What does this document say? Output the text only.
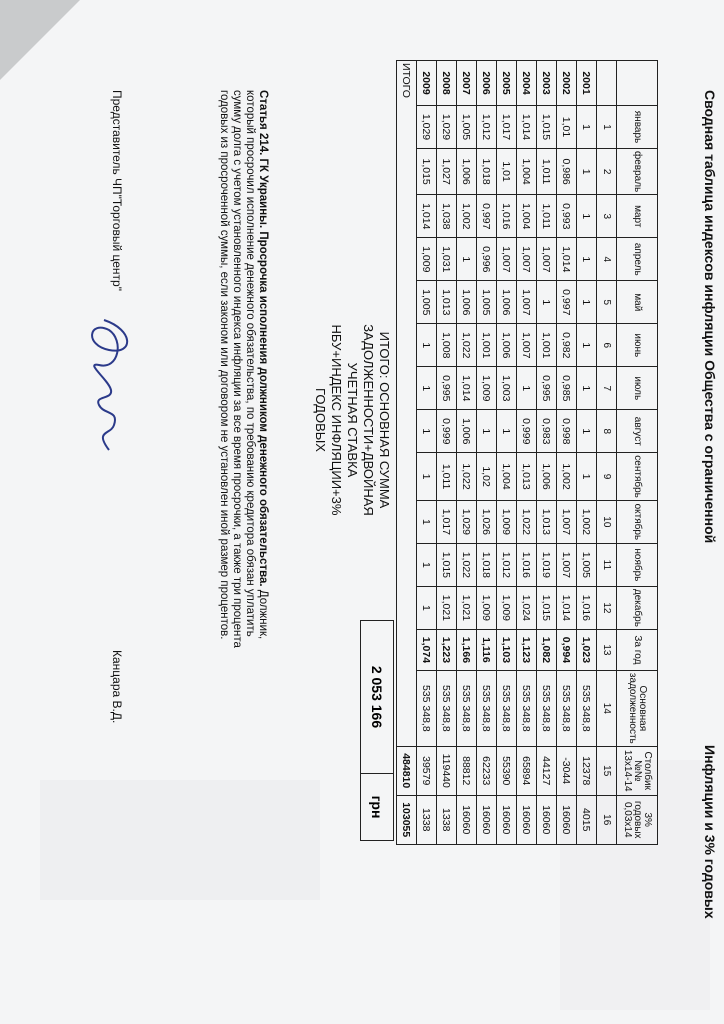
Сводная таблица индексов инфляции Общества с ограниченной
Инфляции и 3% годовых
	январь	февраль	март	апрель	май	июнь	июль	август	сентябрь	октябрь	ноябрь	декабрь	За год	Основная задолженность	Столбик №№ 13х14-14	3% годовых 0,03x14
	1	2	3	4	5	6	7	8	9	10	11	12	13	14	15	16
2001	1	1	1	1	1	1	1	1	1	1,002	1,005	1,016	1,023	535 348,8	12378	4015
2002	1,01	0,986	0,993	1,014	0,997	0,982	0,985	0,998	1,002	1,007	1,007	1,014	0,994	535 348,8	-3044	16060
2003	1,015	1,011	1,011	1,007	1	1,001	0,995	0,983	1,006	1,013	1,019	1,015	1,082	535 348,8	44127	16060
2004	1,014	1,004	1,004	1,007	1,007	1,007	1	0,999	1,013	1,022	1,016	1,024	1,123	535 348,8	65894	16060
2005	1,017	1,01	1,016	1,007	1,006	1,006	1,003	1	1,004	1,009	1,012	1,009	1,103	535 348,8	55390	16060
2006	1,012	1,018	0,997	0,996	1,005	1,001	1,009	1	1,02	1,026	1,018	1,009	1,116	535 348,8	62233	16060
2007	1,005	1,006	1,002	1	1,006	1,022	1,014	1,006	1,022	1,029	1,022	1,021	1,166	535 348,8	88812	16060
2008	1,029	1,027	1,038	1,031	1,013	1,008	0,995	0,999	1,011	1,017	1,015	1,021	1,223	535 348,8	119440	1338
2009	1,029	1,015	1,014	1,009	1,005	1	1	1	1	1	1	1	1,074	535 348,8	39579	1338
ИТОГО															484810	103055
ИТОГО: ОСНОВНАЯ СУММА ЗАДОЛЖЕННОСТИ+ДВОЙНАЯ УЧЕТНАЯ СТАВКА
НБУ+ИНДЕКС ИНФЛЯЦИИ+3% ГОДОВЫХ
2 053 166	грн
Статья 214. ГК Украины. Просрочка исполнения должником денежного обязательства. Должник, который просрочил исполнение денежного обязательства, по требованию кредитора обязан уплатить сумму долга с учетом установленного индекса инфляции за все время просрочки, а также три процента годовых из просроченной суммы, если законом или договором не установлен иной размер процентов.
Представитель ЧП"Торговый центр"
Канцара В.Д.
